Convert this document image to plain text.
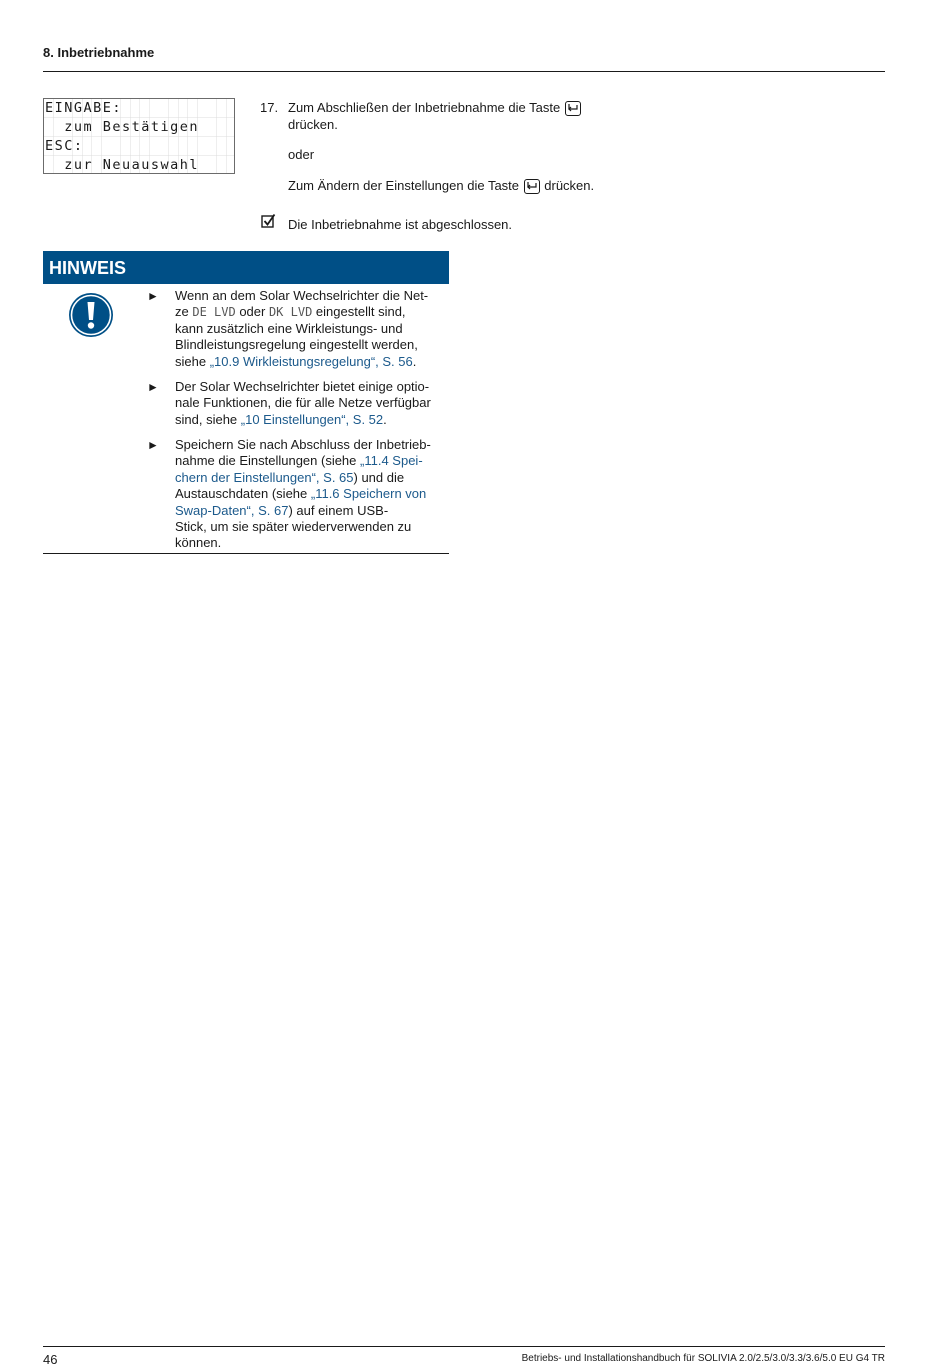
8. Inbetriebnahme
EINGABE:
zum Bestätigen
ESC:
zur Neuauswahl
17. Zum Abschließen der Inbetriebnahme die Taste
drücken.
oder
Zum Ändern der Einstellungen die Taste drücken.
Die Inbetriebnahme ist abgeschlossen.
HINWEIS
► Wenn an dem Solar Wechselrichter die Net-
ze DE LVD oder DK LVD eingestellt sind,
kann zusätzlich eine Wirkleistungs- und
Blindleistungsregelung eingestellt werden,
siehe „10.9 Wirkleistungsregelung“, S. 56.
► Der Solar Wechselrichter bietet einige optio-
nale Funktionen, die für alle Netze verfügbar
sind, siehe „10 Einstellungen“, S. 52.
► Speichern Sie nach Abschluss der Inbetrieb-
nahme die Einstellungen (siehe „11.4 Spei-
chern der Einstellungen“, S. 65) und die
Austauschdaten (siehe „11.6 Speichern von
Swap-Daten“, S. 67) auf einem USB-
Stick, um sie später wiederverwenden zu
können.
46	Betriebs- und Installationshandbuch für SOLIVIA 2.0/2.5/3.0/3.3/3.6/5.0 EU G4 TR
